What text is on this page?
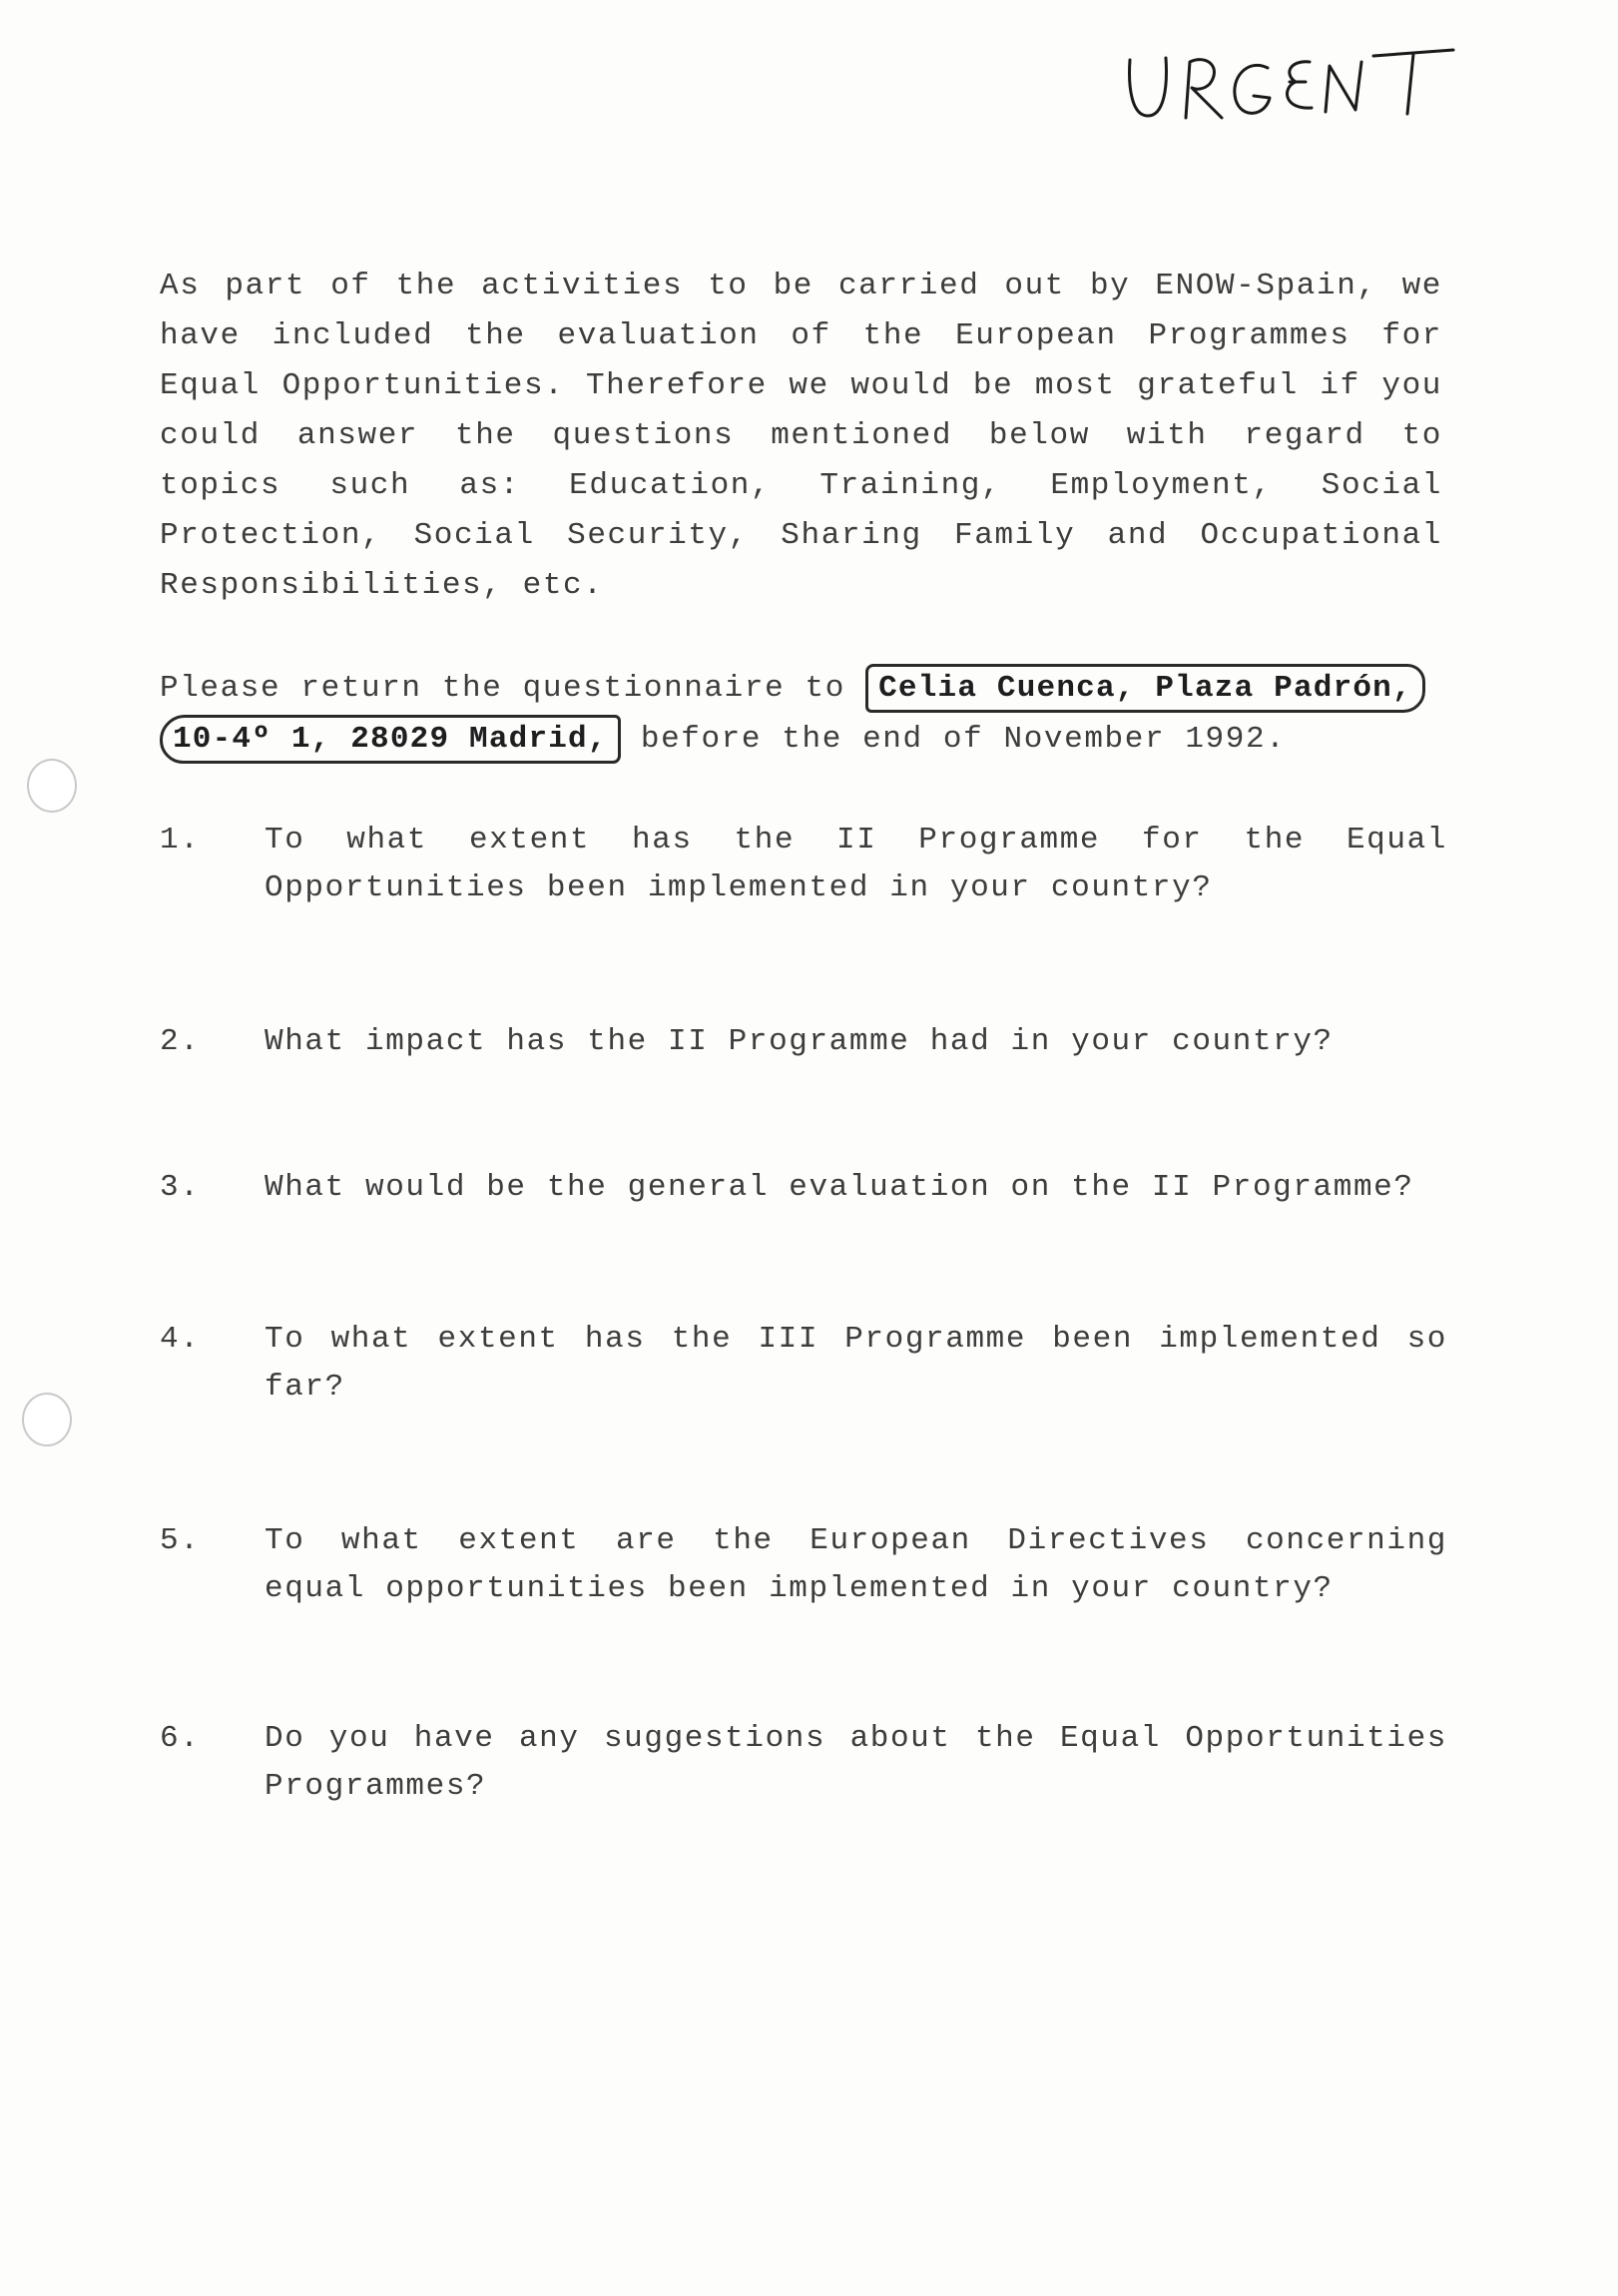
As part of the activities to be carried out by ENOW-Spain, we have included the evaluation of the European Programmes for Equal Opportunities. Therefore we would be most grateful if you could answer the questions mentioned below with regard to topics such as: Education, Training, Employment, Social Protection, Social Security, Sharing Family and Occupational Responsibilities, etc.

Please return the questionnaire to Celia Cuenca, Plaza Padrón,
10-4º 1, 28029 Madrid, before the end of November 1992.
1.	To what extent has the II Programme for the Equal Opportunities been implemented in your country?
2.	What impact has the II Programme had in your country?
3.	What would be the general evaluation on the II Programme?
4.	To what extent has the III Programme been implemented so far?
5.	To what extent are the European Directives concerning equal opportunities been implemented in your country?
6.	Do you have any suggestions about the Equal Opportunities Programmes?
